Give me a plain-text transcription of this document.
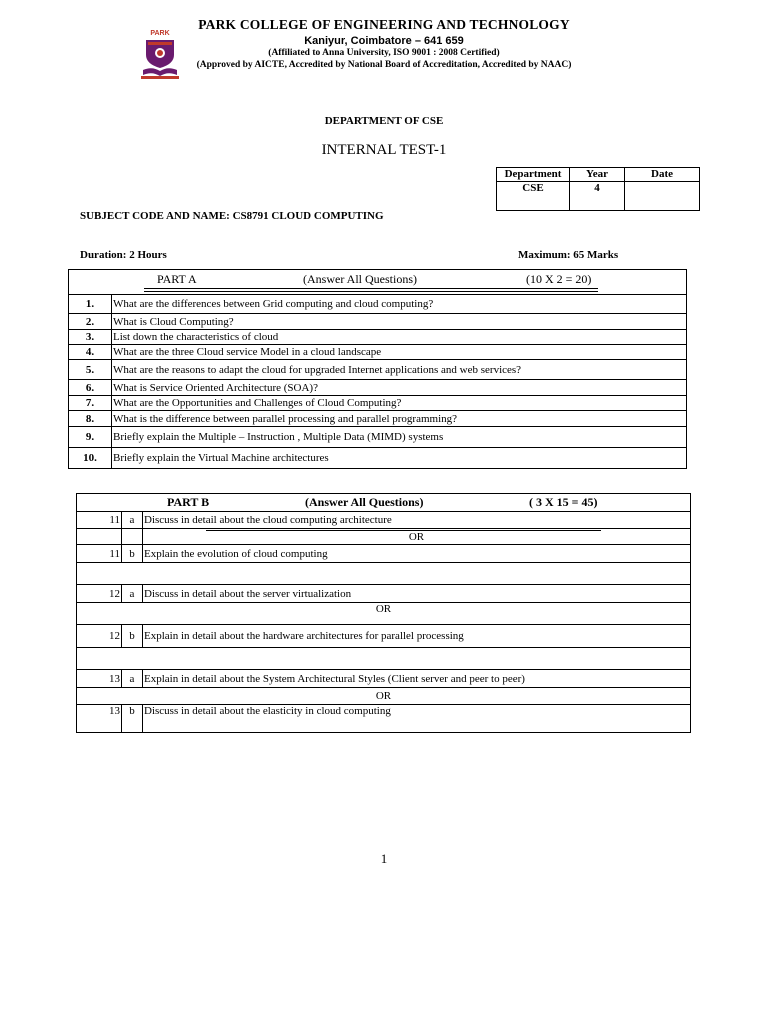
PARK
PARK COLLEGE OF ENGINEERING AND TECHNOLOGY
Kaniyur, Coimbatore – 641 659
(Affiliated to Anna University, ISO 9001 : 2008 Certified)
(Approved by AICTE, Accredited by National Board of Accreditation, Accredited by NAAC)
DEPARTMENT OF CSE
INTERNAL TEST-1
Department	Year	Date
CSE	4	
SUBJECT CODE AND NAME: CS8791 CLOUD COMPUTING
Duration: 2 Hours	Maximum: 65 Marks
PART A (Answer All Questions) (10 X 2 = 20)	

1.	What are the differences between Grid computing and cloud computing?
2.	What is Cloud Computing?
3.	List down the characteristics of cloud
4.	What are the three Cloud service Model in a cloud landscape
5.	What are the reasons to adapt the cloud for upgraded Internet applications and web services?
6.	What is Service Oriented Architecture (SOA)?
7.	What are the Opportunities and Challenges of Cloud Computing?
8.	What is the difference between parallel processing and parallel programming?
9.	Briefly explain the Multiple – Instruction , Multiple Data (MIMD) systems
10.	Briefly explain the Virtual Machine architectures
PART B (Answer All Questions) ( 3 X 15 = 45)		

11	a	Discuss in detail about the cloud computing architecture

OR
11	b	Explain the evolution of cloud computing

12	a	Discuss in detail about the server virtualization
OR		
12	b	Explain in detail about the hardware architectures for parallel processing

13	a	Explain in detail about the System Architectural Styles (Client server and peer to peer)
OR		
13	b	Discuss in detail about the elasticity in cloud computing
1
